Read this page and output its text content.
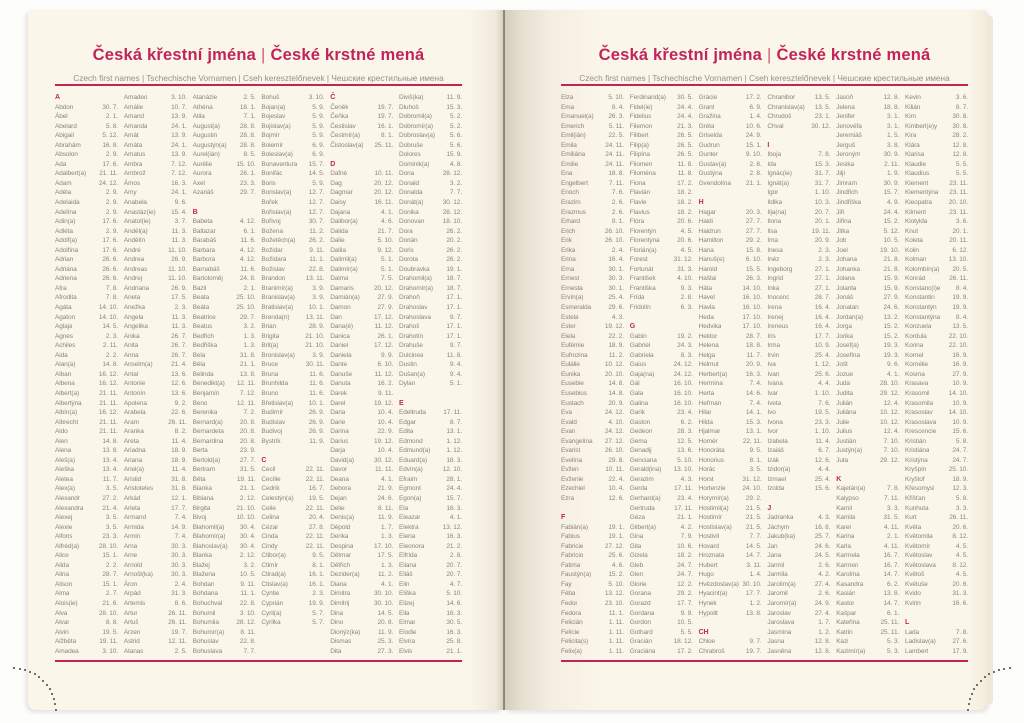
Česká křestní jména | České krstné mená
Czech first names | Tschechische Vornamen | Cseh keresztelőnevek | Чешские крестильные имена
A
Abdon	30. 7.
Ábel	2. 1.
Abelard	5. 8.
Abigail	5. 12.
Abrahám	16. 8.
Absolon	2. 9.
Ada	17. 6.
Adalbert(a)	21. 11.
Adam	24. 12.
Adéla	2. 9.
Adelaida	2. 9.
Adelína	2. 9.
Adin(a)	17. 6.
Adléta	2. 9.
Adolf(a)	17. 6.
Adolfína	17. 6.
Adrian	26. 6.
Adriána	26. 6.
Adriena	26. 6.
Afra	7. 8.
Afrodita	7. 8.
Agáta	14. 10.
Agaton	14. 10.
Aglaja	14. 5.
Agnes	2. 3.
Achiles	2. 11.
Aida	2. 2.
Alan(a)	14. 8.
Alban	16. 12.
Albena	16. 12.
Albert(a)	21. 11.
Albertýna	21. 11.
Albín(a)	16. 12.
Albrecht	21. 11.
Aldo	21. 11.
Alen	14. 8.
Alena	13. 8.
Aleš(a)	13. 4.
Aleška	13. 4.
Aletea	11. 7.
Alex(a)	3. 5.
Alexandr	27. 2.
Alexandra	21. 4.
Alexej	3. 5.
Alexie	3. 5.
Alfons	23. 3.
Alfréd(a)	28. 10.
Alice	15. 1.
Alida	2. 2.
Alina	28. 7.
Alison	15. 1.
Alma	2. 7.
Alois(ie)	21. 6.
Alva	28. 10.
Alvar	8. 8.
Alvin	19. 5.
Alžběta	19. 11.
Amadea	3. 10.
Amadeo	3. 10.
Amálie	10. 7.
Amand	13. 9.
Amanda	24. 1.
Amát	13. 9.
Amáta	24. 1.
Amatus	13. 9.
Ambra	7. 12.
Ambrož	7. 12.
Ámos	16. 3.
Amy	24. 1.
Anabela	9. 6.
Anastáz(ie)	15. 4.
Anatol(ie)	3. 7.
Anděl(a)	11. 3.
Andělín	11. 3.
André	11. 10.
Andrea	26. 9.
Andreas	11. 10.
Andrej	11. 10.
Andriana	26. 9.
Aneta	17. 5.
Anežka	2. 3.
Angela	11. 3.
Angelika	11. 3.
Anika	26. 7.
Anita	26. 7.
Anna	26. 7.
Anselm(a)	21. 4.
Antal	13. 6.
Antonie	12. 6.
Antonín	13. 6.
Apolena	9. 2.
Arabela	22. 6.
Aram	26. 11.
Aranka	8. 2.
Areta	11. 4.
Ariadna	18. 9.
Ariana	18. 9.
Ariel(a)	11. 4.
Aristid	31. 8.
Aristoteles	31. 8.
Arkád	12. 1.
Arleta	17. 7.
Armand	7. 4.
Armida	14. 9.
Armin	7. 4.
Arna	30. 3.
Arne	30. 3.
Arnold	30. 3.
Arnošt(ka)	30. 3.
Áron	2. 4.
Arpád	31. 3.
Artemis	8. 6.
Artur	26. 11.
Artuš	26. 11.
Arzen	19. 7.
Astrid	12. 11.
Atanas	2. 5.
Atanázie	2. 5.
Athéna	18. 1.
Atila	7. 1.
August(a)	28. 8.
Augustin	28. 8.
Augustýn(a)	28. 8.
Aurel(ián)	8. 5.
Aurélie	15. 10.
Aurora	26. 1.
Axel	23. 3.
Azariáš	29. 7.
B
Babeta	4. 12.
Baltazar	6. 1.
Barabáš	11. 6.
Barbara	4. 12.
Barbora	4. 12.
Barnabáš	11. 6.
Bartoloměj	24. 8.
Bazil	2. 1.
Beata	25. 10.
Beáta	25. 10.
Beatrice	29. 7.
Beatus	3. 2.
Bedřich	1. 3.
Bedřiška	1. 3.
Bela	31. 8.
Běla	21. 1.
Belinda	13. 8.
Benedikt(a)	12. 11.
Benjamín	7. 12.
Beno	12. 11.
Berenika	7. 2.
Bernard(a)	20. 8.
Bernardeta	20. 8.
Bernardina	20. 8.
Berta	23. 9.
Bertold(a)	27. 7.
Bertram	31. 5.
Běta	19. 11.
Bianka	21. 1.
Bibiana	2. 12.
Birgita	21. 10.
Bivoj	10. 10.
Blahomil(a)	30. 4.
Blahomír(a)	30. 4.
Blahoslav(a)	30. 4.
Blanka	2. 12.
Blažej	3. 2.
Blažena	10. 5.
Bohdan	9. 11.
Bohdana	11. 1.
Bohuchval	22. 8.
Bohumil	3. 10.
Bohumila	28. 12.
Bohumír(a)	8. 11.
Bohuslav	22. 8.
Bohuslava	7. 7.
Bohuš	3. 10.
Bojan(a)	5. 9.
Bojeslav	5. 9.
Bojislav(a)	5. 9.
Bojmír	5. 9.
Bolemír	6. 9.
Boleslav(a)	6. 9.
Bonaventura	15. 7.
Bonifác	14. 5.
Boris	5. 9.
Borislav(a)	12. 7.
Bořek	12. 7.
Bořislav(a)	12. 7.
Bořivoj	30. 7.
Božena	11. 2.
Božetěch(a)	26. 2.
Božidar	9. 11.
Božidara	11. 1.
Božislav	22. 8.
Brandon	13. 11.
Branimír(a)	3. 9.
Branislav(a)	3. 9.
Bratislav(a)	10. 1.
Brenda(n)	13. 11.
Brian	28. 9.
Brigita	21. 10.
Brit(a)	21. 10.
Bronislav(a)	3. 9.
Bruce	30. 11.
Bruna	11. 6.
Brunhilda	11. 6.
Bruno	11. 6.
Břetislav(a)	10. 1.
Budimír	26. 9.
Budislav	26. 9.
Budivoj	26. 9.
Bystrík	11. 9.
C
Cecil	22. 11.
Cecílie	22. 11.
Cedrik	16. 7.
Celestýn(a)	19. 5.
Celie	22. 11.
Celina	20. 4.
Cézar	27. 8.
Cinda	22. 11.
Cindy	22. 11.
Ctibor(a)	9. 5.
Ctimír	8. 1.
Ctirad(a)	16. 1.
Ctislav(a)	16. 1.
Cyntie	2. 3.
Cyprián	19. 9.
Cyril(a)	5. 7.
Cyrilka	5. 7.
Č
Čeněk	19. 7.
Čeňka	19. 7.
Čestislav	16. 1.
Čestmír(a)	8. 1.
Čistoslav(a)	25. 11.
D
Dafné	10. 11.
Dag	20. 12.
Dagmar	20. 12.
Daisy	16. 11.
Dajana	4. 1.
Dalibor(a)	4. 6.
Dalida	21. 7.
Dalie	5. 10.
Dalila	9. 12.
Dalimil(a)	5. 1.
Dalimír(a)	5. 1.
Dalma	7. 5.
Damaris	20. 12.
Damián(a)	27. 9.
Damon	27. 9.
Dan	17. 12.
Dana(é)	11. 12.
Danica	26. 1.
Daniel	17. 12.
Daniela	9. 9.
Dante	6. 10.
Danuše	11. 12.
Danuta	16. 2.
Darek	9. 11.
Darel	19. 12.
Daria	10. 4.
Darie	10. 4.
Darina	22. 9.
Darius	19. 12.
Darja	10. 4.
David(a)	30. 12.
Davor	11. 11.
Deana	4. 1.
Debora	21. 9.
Dejan	24. 6.
Delie	8. 11.
Denis(a)	11. 9.
Děpold	1. 7.
Derika	1. 3.
Despina	17. 10.
Dětmar	17. 5.
Dětřich	1. 3.
Dezider(a)	11. 2.
Diana	4. 1.
Dimitra	30. 10.
Dimitrij	30. 10.
Dina	14. 5.
Dino	20. 8.
Dionýz(ka)	11. 9.
Dismas	25. 3.
Dita	27. 3.
Diviš(ka)	11. 9.
Dluhoš	15. 3.
Dobromil(a)	5. 2.
Dobromír(a)	5. 2.
Dobroslav(a)	5. 6.
Dobruše	5. 6.
Dolores	15. 9.
Dominik(a)	4. 8.
Dona	28. 12.
Donald	3. 2.
Donalda	7. 7.
Donát(a)	30. 12.
Donika	28. 12.
Donovan	18. 10.
Dora	26. 2.
Dorián	20. 2.
Doris	26. 2.
Dorota	26. 2.
Doubravka	19. 1.
Drahomil(a)	18. 7.
Drahomír(a)	18. 7.
Drahoň	17. 1.
Drahoslav	17. 1.
Drahoslava	9. 7.
Drahoš	17. 1.
Drahotín	17. 1.
Drahuše	9. 7.
Dulcinea	11. 8.
Dustin	9. 4.
Dušan(a)	9. 4.
Dylan	5. 1.
E
Edeltruda	17. 11.
Edgar	8. 7.
Edita	13. 1.
Edmond	1. 12.
Edmund(a)	1. 12.
Eduard(a)	18. 3.
Edvín(a)	12. 10.
Efraim	28. 1.
Egmont	24. 4.
Egon(a)	15. 7.
Ela	16. 3.
Eleazar	4. 1.
Elektra	13. 12.
Elena	16. 3.
Eleonora	21. 2.
Elfrída	2. 8.
Eliana	20. 7.
Eliáš	20. 7.
Elin	4. 7.
Eliška	5. 10.
Elizej	14. 6.
Ella	16. 3.
Elmar	30. 5.
Elodie	16. 3.
Elvíra	25. 8.
Elvis	21. 1.
Česká křestní jména | České krstné mená
Czech first names | Tschechische Vornamen | Cseh keresztelőnevek | Чешские крестильные имена
Elza	5. 10.
Ema	8. 4.
Emanuel(a)	26. 3.
Emerich	5. 11.
Emil(ián)	22. 5.
Emila	24. 11.
Emiliána	24. 11.
Emilie	24. 11.
Ena	18. 8.
Engelbert	7. 11.
Enoch	7. 6.
Erazim	2. 6.
Erazmus	2. 6.
Erhard	8. 1.
Erich	26. 10.
Erik	26. 10.
Erika	2. 4.
Erina	16. 4.
Erna	30. 1.
Ernest	30. 3.
Ernesta	30. 1.
Ervín(a)	25. 4.
Esmeralda	29. 6.
Estela	4. 3.
Ester	19. 12.
Etela	22. 2.
Eufémie	18. 9.
Eufrozina	11. 2.
Eulálie	10. 12.
Eunika	20. 10.
Eusebie	14. 8.
Eusebius	14. 8.
Eustach	20. 9.
Eva	24. 12.
Evald	4. 10.
Evan	24. 12.
Evangelína	27. 12.
Evarist	26. 10.
Evelína	29. 8.
Evžen	10. 11.
Evženie	22. 4.
Ezechiel	10. 4.
Ezra	12. 6.
F
Fabián(a)	19. 1.
Fabius	19. 1.
Fabricie	27. 12.
Fabricio	25. 6.
Fatima	4. 6.
Faustýn(a)	15. 2.
Fay	5. 10.
Féba	13. 12.
Fedor	23. 10.
Fedora	11. 1.
Felicián	1. 11.
Felície	1. 11.
Felicita(s)	1. 11.
Felix(a)	1. 11.
Ferdinand(a)	30. 5.
Fidel(ie)	24. 4.
Fidelius	24. 4.
Filemon	21. 3.
Filibert	26. 5.
Filip(a)	26. 5.
Filipína	26. 5.
Filomen	11. 8.
Filoména	11. 8.
Fiona	17. 2.
Flavián	18. 2.
Flavie	18. 2.
Flavius	18. 2.
Flóra	20. 6.
Florentýn	4. 5.
Florentýna	20. 6.
Florián(a)	4. 5.
Forest	31. 12.
Fortunát	31. 3.
František	4. 10.
Františka	9. 3.
Frída	2. 8.
Fridolín	6. 3.
G
Gabin	19. 2.
Gabriel	24. 3.
Gabriela	8. 3.
Gaius	24. 12.
Gaja(na)	24. 12.
Gál	16. 10.
Gala	16. 10.
Galina	16. 10.
Garik	23. 4.
Gaston	6. 2.
Gedeon	28. 3.
Gema	12. 5.
Genadij	13. 6.
Genciana	5. 10.
Gerald(ina)	13. 10.
Gerazim	4. 3.
Gerda	17. 11.
Gerhard(a)	23. 4.
Gertruda	17. 11.
Géza	21. 1.
Gilbert(a)	4. 2.
Gina	7. 9.
Gita	10. 6.
Gizela	18. 2.
Gleb	24. 7.
Glen	24. 7.
Glorie	12. 2.
Gorana	29. 2.
Gorazd	17. 7.
Gordana	9. 9.
Gordon	10. 5.
Gothard	5. 5.
Gracián	18. 12.
Graciána	17. 2.
Grácie	17. 2.
Grant	6. 9.
Gražina	1. 4.
Gréta	10. 6.
Griselda	24. 9.
Gudrun	15. 1.
Gunter	9. 10.
Gustav(a)	2. 8.
Gustýna	2. 8.
Gvendolína	21. 1.
H
Hagar	20. 3.
Haidi	27. 7.
Haidrun	27. 7.
Hamilton	29. 2.
Hana	15. 8.
Hanuš(e)	6. 10.
Harold	15. 5.
Haštal	26. 3.
Háta	14. 10.
Havel	16. 10.
Havla	16. 10.
Heda	17. 10.
Hedvika	17. 10.
Hektor	28. 7.
Helena	18. 8.
Helga	11. 7.
Helmut	20. 9.
Herbert(a)	16. 3.
Hermína	7. 4.
Herta	14. 6.
Heřman	7. 4.
Hilar	14. 1.
Hilda	15. 3.
Hjalmar	13. 1.
Homér	22. 11.
Honoráta	9. 5.
Honorius	8. 1.
Horác	3. 5.
Horst	31. 12.
Hortenzie	24. 10.
Horymír(a)	29. 2.
Hostimil(a)	21. 5.
Hostimír	21. 5.
Hostislav(a)	21. 5.
Hostivít	7. 7.
Hovard	14. 5.
Hroznata	14. 7.
Hubert	3. 11.
Hugo	1. 4.
Hvězdoslav(a) 30. 10.
Hyacint(a)	17. 7.
Hynek	1. 2.
Hypolit	13. 8.
CH
Chloe	9. 7.
Chrabroš	19. 7.
Chranibor	13. 5.
Chranislav(a)	13. 5.
Chrudoš	23. 1.
Chval	30. 12.
I
Iboja	7. 8.
Ida	15. 3.
Ignác(ie)	31. 7.
Ignát(a)	31. 7.
Igor	1. 10.
Ildika	10. 3.
Ilja(na)	20. 7.
Ilona	20. 1.
Ilsa	19. 11.
Ima	20. 9.
Inesa	2. 3.
Inéz	2. 3.
Ingeborg	27. 1.
Ingrid	27. 1.
Inka	27. 1.
Inocenc	28. 7.
Irena	16. 4.
Irenej	16. 4.
Ireneus	16. 4.
Iris	17. 7.
Irma	10. 9.
Irvin	25. 4.
Iva	1. 12.
Ivan	25. 6.
Ivana	4. 4.
Ivar	1. 10.
Iveta	7. 6.
Ivo	19. 5.
Ivona	23. 3.
Ivor	1. 10.
Izabela	11. 4.
Izaiáš	6. 7.
Izák	12. 6.
Izidor(a)	4. 4.
Izmael	25. 4.
Izolda	15. 6.
J
Jadranka	4. 3.
Jáchym	16. 8.
Jakub(ka)	25. 7.
Jan	24. 6.
Jana	24. 5.
Jarmil	2. 6.
Jarmila	4. 2.
Jarolím(a)	27. 4.
Jaromil	2. 6.
Jaromír(a)	24. 9.
Jaroslav	27. 4.
Jaroslava	1. 7.
Jasmína	1. 2.
Jasna	12. 8.
Jasněna	12. 8.
Jasoň	12. 8.
Jelena	18. 8.
Jenifer	3. 1.
Jenovéfa	3. 1.
Jeremiáš	1. 5.
Jerguš	3. 8.
Jeroným	30. 9.
Jesika	2. 11.
Jiljí	1. 9.
Jimram	30. 9.
Jindřich	15. 7.
Jindřiška	4. 9.
Jiří	24. 4.
Jiřina	15. 2.
Jitka	5. 12.
Job	10. 5.
Joel	19. 10.
Johana	21. 8.
Johanka	21. 8.
Jolana	15. 9.
Jolanta	15. 9.
Jonáš	27. 9.
Jonatan	24. 6.
Jordan(a)	13. 2.
Jorga	15. 2.
Jorika	15. 2.
Josef(a)	19. 3.
Josefína	19. 3.
Jošt	9. 6.
Jozue	4. 1.
Juda	28. 10.
Judita	29. 12.
Julián	12. 4.
Juliána	10. 12.
Julie	10. 12.
Julius	12. 4.
Justián	7. 10.
Justýn(a)	7. 10.
Juta	29. 12.
K
Kajetán(a)	7. 8.
Kalypso	7. 11.
Kamil	3. 3.
Kamila	31. 5.
Karel	4. 11.
Karina	2. 1.
Karla	4. 11.
Karmela	16. 7.
Karmen	16. 7.
Karolína	14. 7.
Kasandra	6. 2.
Kasián	13. 8.
Kastor	14. 7.
Kašpar	6. 1.
Kateřina	25. 11.
Katrin	25. 11.
Kazi	5. 3.
Kazimír(a)	5. 3.
Kevin	3. 6.
Kilián	8. 7.
Kim	30. 8.
Kimberl(e)y	30. 8.
Kira	28. 2.
Klára	12. 8.
Klarisa	12. 8.
Klaudie	5. 5.
Klaudius	5. 5.
Klement	23. 11.
Klementýna	23. 11.
Kleopatra	20. 10.
Kliment	23. 11.
Klotylda	3. 6.
Knut	20. 1.
Koleta	20. 11.
Kolin	6. 12.
Kolman	13. 10.
Kolombín(a)	20. 5.
Konrád	26. 11.
Konstanc(i)e	8. 4.
Konstantin	19. 9.
Konstantýn	19. 9.
Konstantýna	8. 4.
Konzuela	13. 5.
Kordula	22. 10.
Korina	22. 10.
Kornel	16. 9.
Kornélie	16. 9.
Kosma	27. 9.
Krasava	10. 9.
Krasomil	14. 10.
Krasomila	10. 9.
Krasoslav	14. 10.
Krasoslava	10. 9.
Krescencie	15. 6.
Kristián	5. 8.
Kristiána	24. 7.
Kristýna	24. 7.
Kryšpín	25. 10.
Kryštof	18. 9.
Křesomysl	12. 3.
Křišťan	5. 8.
Kunhuta	3. 3.
Kurt	26. 11.
Květa	20. 6.
Květomila	8. 12.
Květomír	4. 5.
Květoslav	4. 5.
Květoslava	8. 12.
Květoš	4. 5.
Květuše	20. 6.
Kvido	31. 3.
Kvirin	16. 6.
L
Lada	7. 8.
Ladislav(a)	27. 6.
Lambert	17. 9.
